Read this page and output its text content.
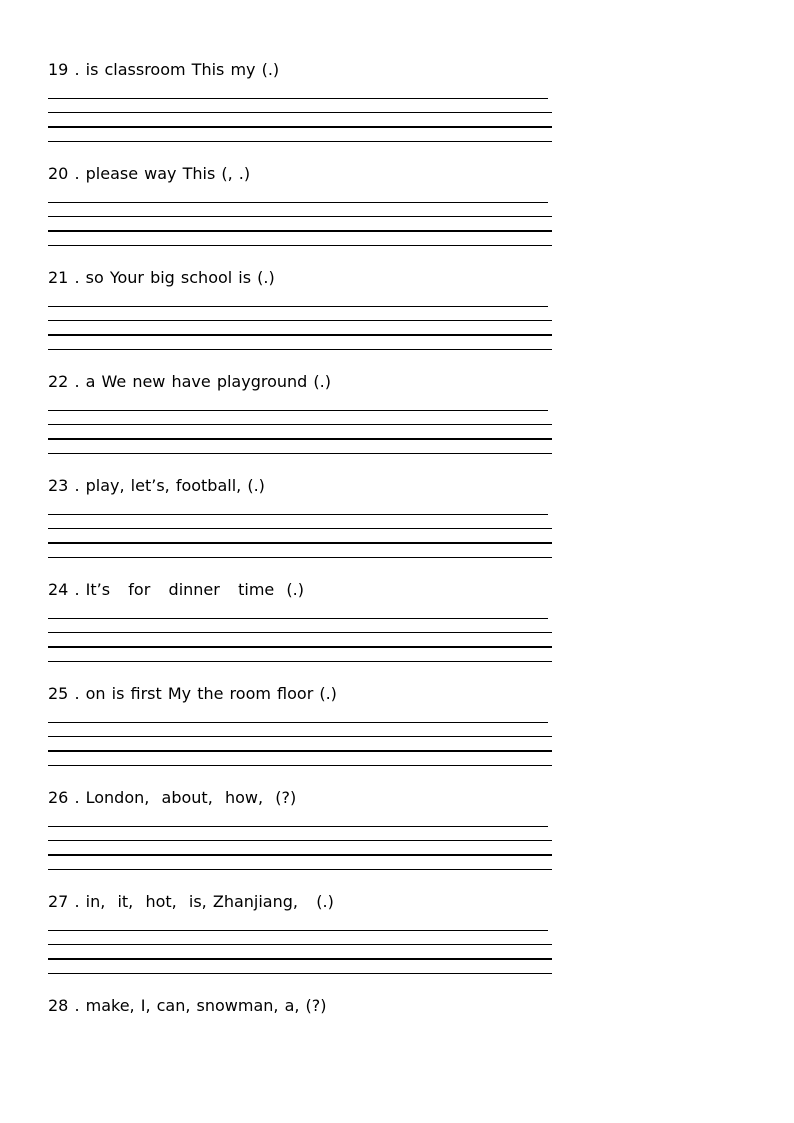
19 . is classroom This my (.)
20 . please way This (, .)
21 . so Your big school is (.)
22 . a We new have playground (.)
23 . play, let’s, football, (.)
24 . It’s   for   dinner   time  (.)
25 . on is first My the room floor (.)
26 . London,  about,  how,  (?)
27 . in,  it,  hot,  is, Zhanjiang,   (.)
28 . make, I, can, snowman, a, (?)
